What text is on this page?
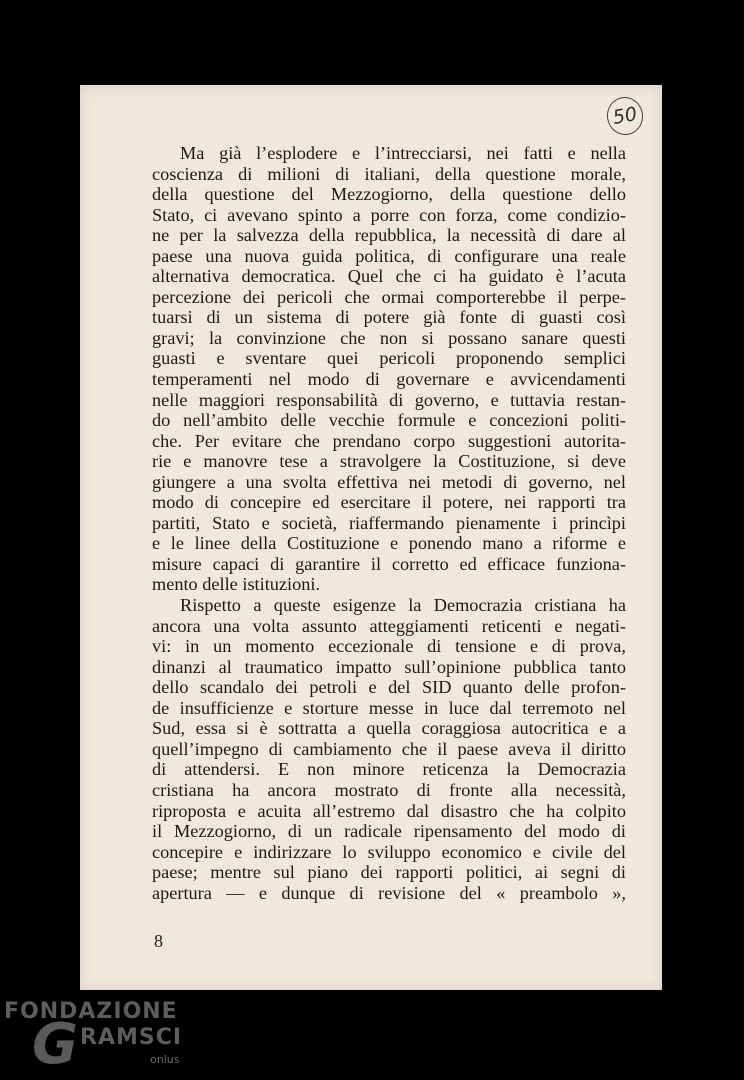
50
Ma già l’esplodere e l’intrecciarsi, nei fatti e nella
coscienza di milioni di italiani, della questione morale,
della questione del Mezzogiorno, della questione dello
Stato, ci avevano spinto a porre con forza, come condizio-
ne per la salvezza della repubblica, la necessità di dare al
paese una nuova guida politica, di configurare una reale
alternativa democratica. Quel che ci ha guidato è l’acuta
percezione dei pericoli che ormai comporterebbe il perpe-
tuarsi di un sistema di potere già fonte di guasti così
gravi; la convinzione che non si possano sanare questi
guasti e sventare quei pericoli proponendo semplici
temperamenti nel modo di governare e avvicendamenti
nelle maggiori responsabilità di governo, e tuttavia restan-
do nell’ambito delle vecchie formule e concezioni politi-
che. Per evitare che prendano corpo suggestioni autorita-
rie e manovre tese a stravolgere la Costituzione, si deve
giungere a una svolta effettiva nei metodi di governo, nel
modo di concepire ed esercitare il potere, nei rapporti tra
partiti, Stato e società, riaffermando pienamente i princìpi
e le linee della Costituzione e ponendo mano a riforme e
misure capaci di garantire il corretto ed efficace funziona-
mento delle istituzioni.
Rispetto a queste esigenze la Democrazia cristiana ha
ancora una volta assunto atteggiamenti reticenti e negati-
vi: in un momento eccezionale di tensione e di prova,
dinanzi al traumatico impatto sull’opinione pubblica tanto
dello scandalo dei petroli e del SID quanto delle profon-
de insufficienze e storture messe in luce dal terremoto nel
Sud, essa si è sottratta a quella coraggiosa autocritica e a
quell’impegno di cambiamento che il paese aveva il diritto
di attendersi. E non minore reticenza la Democrazia
cristiana ha ancora mostrato di fronte alla necessità,
riproposta e acuita all’estremo dal disastro che ha colpito
il Mezzogiorno, di un radicale ripensamento del modo di
concepire e indirizzare lo sviluppo economico e civile del
paese; mentre sul piano dei rapporti politici, ai segni di
apertura — e dunque di revisione del « preambolo »,
8
FONDAZIONE
G RAMSCI
onlus
